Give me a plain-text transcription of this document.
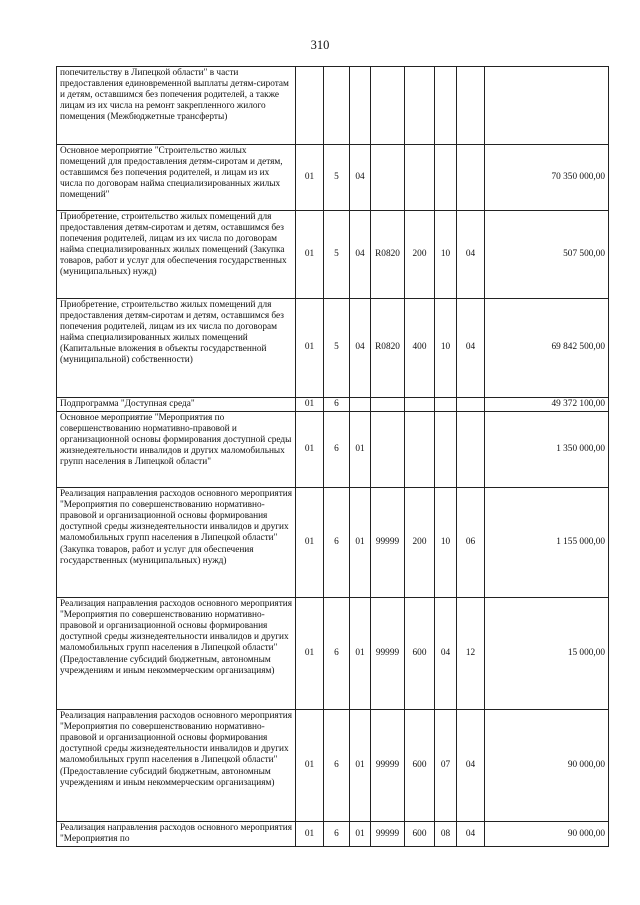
310
попечительству в Липецкой области" в части предоставления единовременной выплаты детям-сиротам и детям, оставшимся без попечения родителей, а также лицам из их числа на ремонт закрепленного жилого помещения (Межбюджетные трансферты)								
Основное мероприятие "Строительство жилых помещений для предоставления детям-сиротам и детям, оставшимся без попечения родителей, и лицам из их числа по договорам найма специализированных жилых помещений"	01	5	04					70 350 000,00
Приобретение, строительство жилых помещений для предоставления детям-сиротам и детям, оставшимся без попечения родителей, лицам из их числа по договорам найма специализированных жилых помещений (Закупка товаров, работ и услуг для обеспечения государственных (муниципальных) нужд)	01	5	04	R0820	200	10	04	507 500,00
Приобретение, строительство жилых помещений для предоставления детям-сиротам и детям, оставшимся без попечения родителей, лицам из их числа по договорам найма специализированных жилых помещений (Капитальные вложения в объекты государственной (муниципальной) собственности)	01	5	04	R0820	400	10	04	69 842 500,00
Подпрограмма "Доступная среда"	01	6						49 372 100,00
Основное мероприятие "Мероприятия по совершенствованию нормативно-правовой и организационной основы формирования доступной среды жизнедеятельности инвалидов и других маломобильных групп населения в Липецкой области"	01	6	01					1 350 000,00
Реализация направления расходов основного мероприятия "Мероприятия по совершенствованию нормативно-правовой и организационной основы формирования доступной среды жизнедеятельности инвалидов и других маломобильных групп населения в Липецкой области" (Закупка товаров, работ и услуг для обеспечения государственных (муниципальных) нужд)	01	6	01	99999	200	10	06	1 155 000,00
Реализация направления расходов основного мероприятия "Мероприятия по совершенствованию нормативно-правовой и организационной основы формирования доступной среды жизнедеятельности инвалидов и других маломобильных групп населения в Липецкой области" (Предоставление субсидий бюджетным, автономным учреждениям и иным некоммерческим организациям)	01	6	01	99999	600	04	12	15 000,00
Реализация направления расходов основного мероприятия "Мероприятия по совершенствованию нормативно-правовой и организационной основы формирования доступной среды жизнедеятельности инвалидов и других маломобильных групп населения в Липецкой области" (Предоставление субсидий бюджетным, автономным учреждениям и иным некоммерческим организациям)	01	6	01	99999	600	07	04	90 000,00
Реализация направления расходов основного мероприятия "Мероприятия по	01	6	01	99999	600	08	04	90 000,00
